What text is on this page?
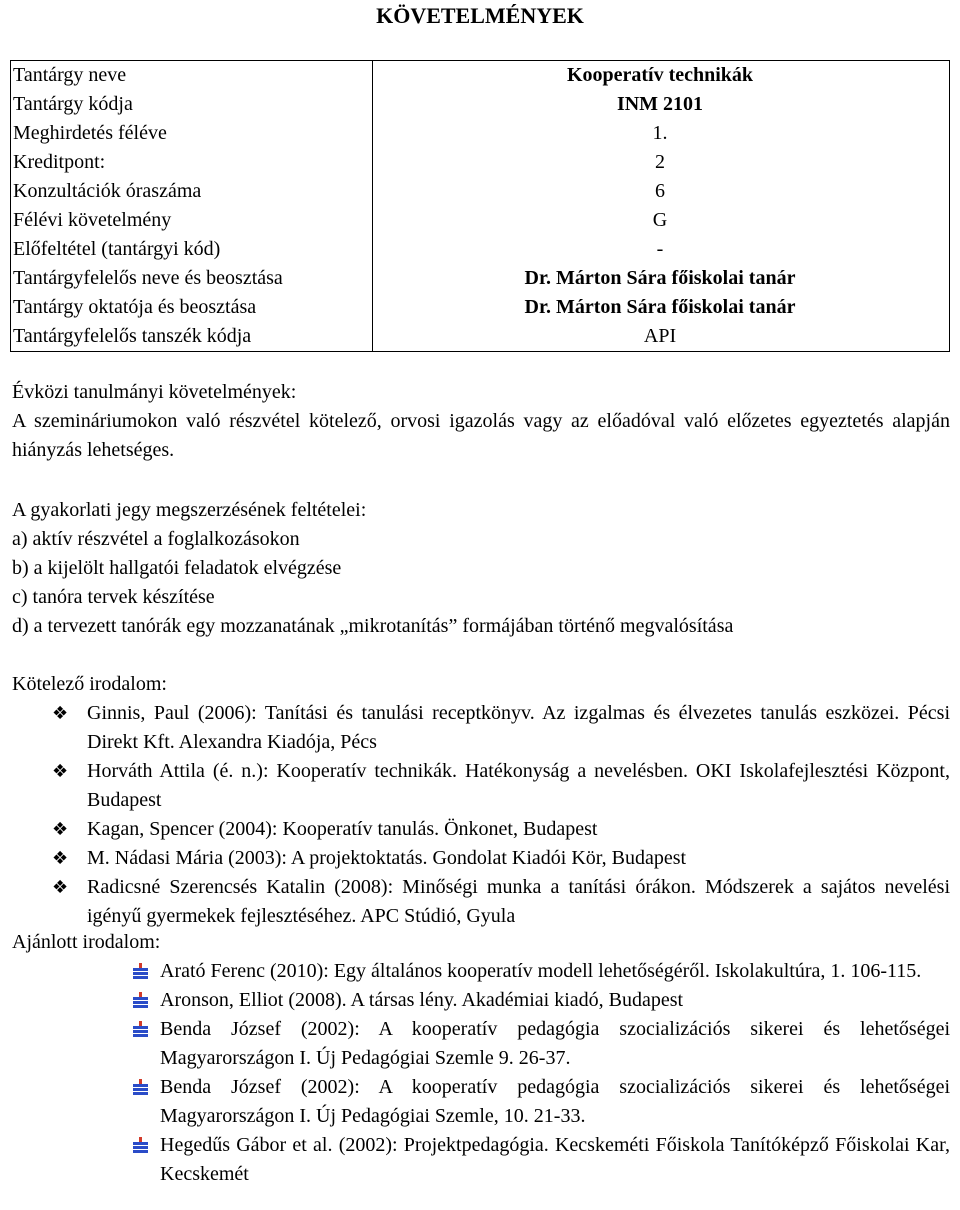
KÖVETELMÉNYEK
Tantárgy neve	Kooperatív technikák
Tantárgy kódja	INM 2101
Meghirdetés féléve	1.
Kreditpont:	2
Konzultációk óraszáma	6
Félévi követelmény	G
Előfeltétel (tantárgyi kód)	-
Tantárgyfelelős neve és beosztása	Dr. Márton Sára főiskolai tanár
Tantárgy oktatója és beosztása	Dr. Márton Sára főiskolai tanár
Tantárgyfelelős tanszék kódja	API
Évközi tanulmányi követelmények:
A szemináriumokon való részvétel kötelező, orvosi igazolás vagy az előadóval való előzetes egyeztetés alapján hiányzás lehetséges.
A gyakorlati jegy megszerzésének feltételei:
a) aktív részvétel a foglalkozásokon
b) a kijelölt hallgatói feladatok elvégzése
c) tanóra tervek készítése
d) a tervezett tanórák egy mozzanatának „mikrotanítás” formájában történő megvalósítása
Kötelező irodalom:
❖ Ginnis, Paul (2006): Tanítási és tanulási receptkönyv. Az izgalmas és élvezetes tanulás eszközei. Pécsi Direkt Kft. Alexandra Kiadója, Pécs
❖ Horváth Attila (é. n.): Kooperatív technikák. Hatékonyság a nevelésben. OKI Iskolafejlesztési Központ, Budapest
❖ Kagan, Spencer (2004): Kooperatív tanulás. Önkonet, Budapest
❖ M. Nádasi Mária (2003): A projektoktatás. Gondolat Kiadói Kör, Budapest
❖ Radicsné Szerencsés Katalin (2008): Minőségi munka a tanítási órákon. Módszerek a sajátos nevelési igényű gyermekek fejlesztéséhez. APC Stúdió, Gyula
Ajánlott irodalom:
Arató Ferenc (2010): Egy általános kooperatív modell lehetőségéről. Iskolakultúra, 1. 106-115.
Aronson, Elliot (2008). A társas lény. Akadémiai kiadó, Budapest
Benda József (2002): A kooperatív pedagógia szocializációs sikerei és lehetőségei Magyarországon I. Új Pedagógiai Szemle 9. 26-37.
Benda József (2002): A kooperatív pedagógia szocializációs sikerei és lehetőségei Magyarországon I. Új Pedagógiai Szemle, 10. 21-33.
Hegedűs Gábor et al. (2002): Projektpedagógia. Kecskeméti Főiskola Tanítóképző Főiskolai Kar, Kecskemét
